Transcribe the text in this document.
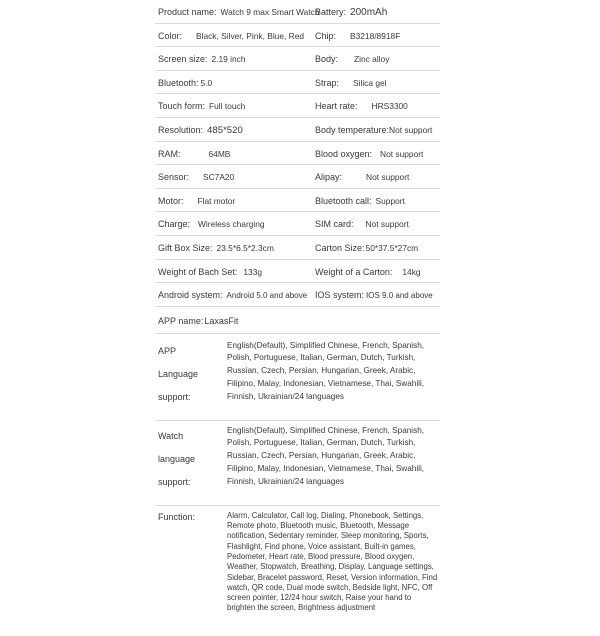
Product name: Watch 9 max Smart Watch
Battery: 200mAh
Color: Black, Silver, Pink, Blue, Red Chip: B3218/8918F
Screen size: 2.19 inch	Body: Zinc alloy
Bluetooth: 5.0	Strap: Silica gel
Touch form: Full touch	Heart rate: HRS3300
Resolution: 485*520	Body temperature:Not support
RAM:	64MB	Blood oxygen: Not support
Sensor: SC7A20	Alipay:	Not support
Motor: Flat motor	Bluetooth call: Support
Charge: Wireless charging	SIM card: Not support
Gift Box Size: 23.5*6.5*2.3cm	Carton Size:50*37.5*27cm
Weight of Bach Set: 133g	Weight of a Carton: 14kg
Android system: Android 5.0 and above IOS system: IOS 9.0 and above
APP name:LaxasFit
APP
Language
support:
English(Default), Simplified Chinese, French, Spanish, Polish, Portuguese, Italian, German, Dutch, Turkish, Russian, Czech, Persian, Hungarian, Greek, Arabic, Filipino, Malay, Indonesian, Vietnamese, Thai, Swahili, Finnish, Ukrainian/24 languages
Watch
language
support:
English(Default), Simplified Chinese, French, Spanish, Polish, Portuguese, Italian, German, Dutch, Turkish, Russian, Czech, Persian, Hungarian, Greek, Arabic, Filipino, Malay, Indonesian, Vietnamese, Thai, Swahili, Finnish, Ukrainian/24 languages
Function:	Alarm, Calculator, Call log, Dialing, Phonebook, Settings, Remote photo, Bluetooth music, Bluetooth, Message notification, Sedentary reminder, Sleep monitoring, Sports, Flashlight, Find phone, Voice assistant, Built-in games, Pedometer, Heart rate, Blood pressure, Blood oxygen, Weather, Stopwatch, Breathing, Display, Language settings, Sidebar, Bracelet password, Reset, Version information, Find watch, QR code, Dual mode switch, Bedside light, NFC, Off screen pointer, 12/24 hour switch, Raise your hand to brighten the screen, Brightness adjustment
